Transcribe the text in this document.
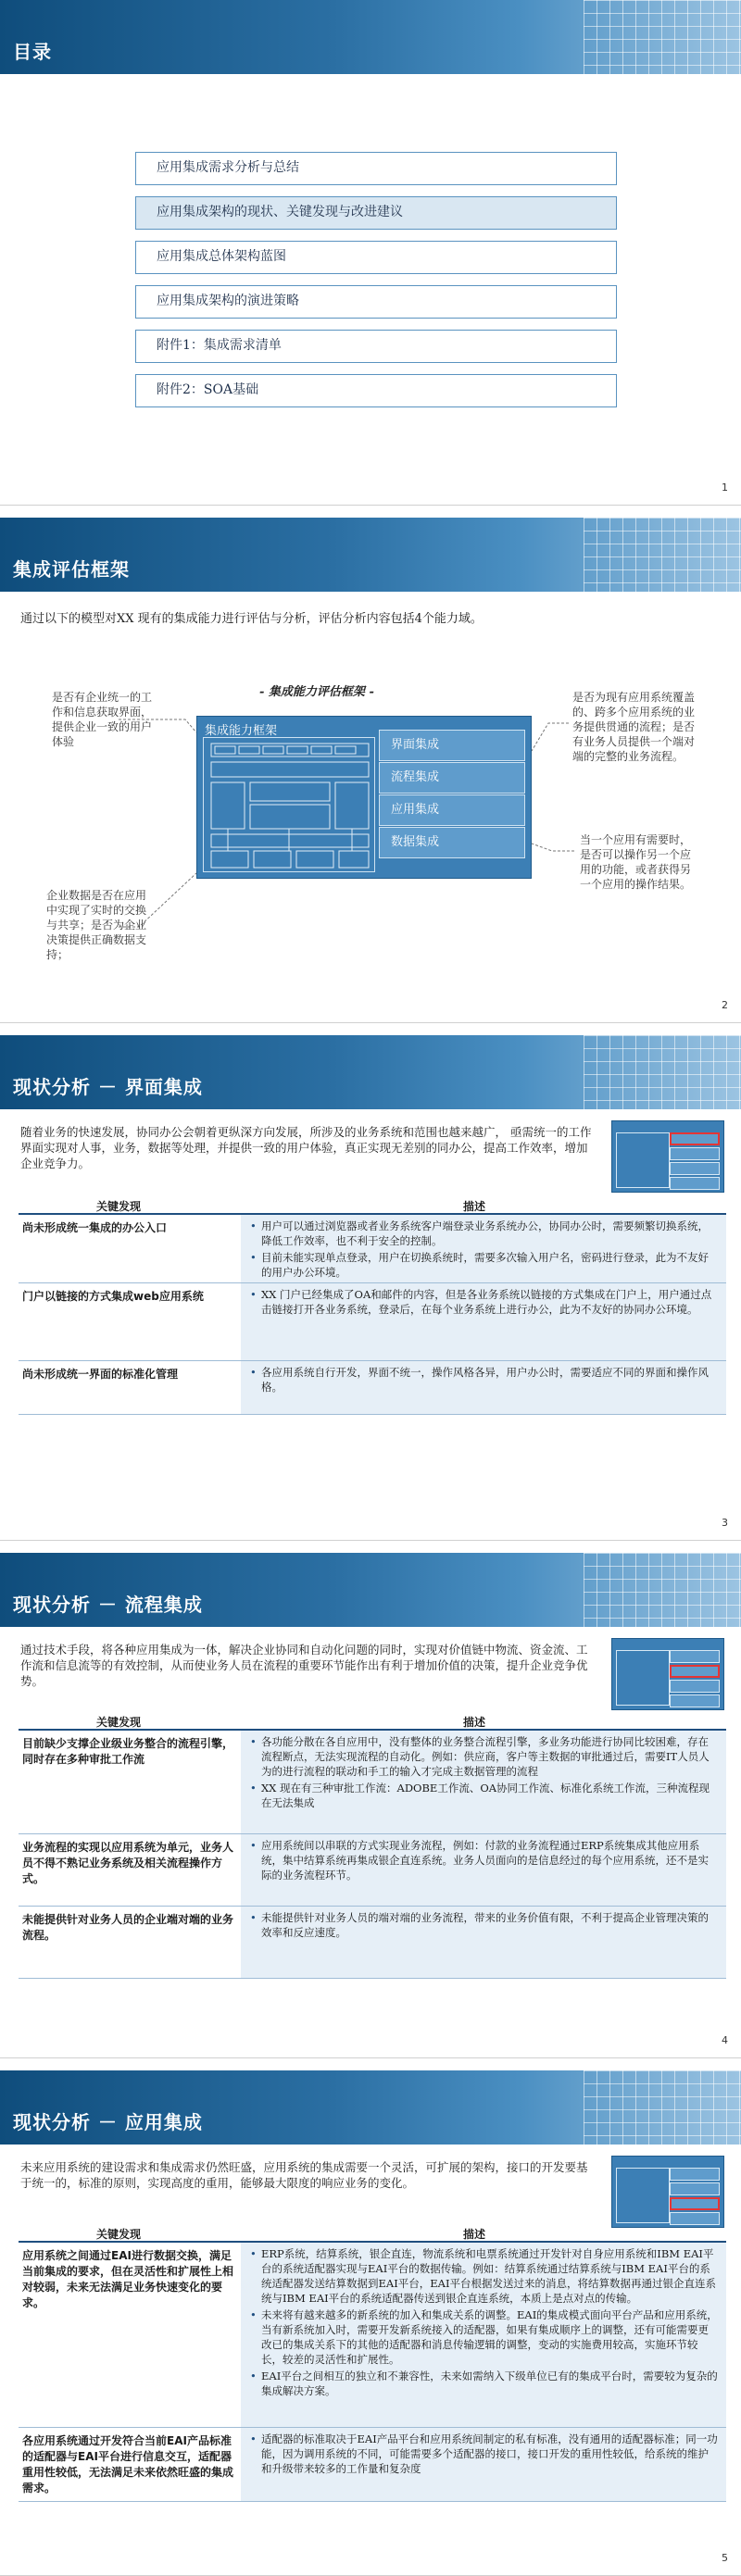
目录
应用集成需求分析与总结
应用集成架构的现状、关键发现与改进建议
应用集成总体架构蓝图
应用集成架构的演进策略
附件1：集成需求清单
附件2：SOA基础
1
集成评估框架
通过以下的模型对XX 现有的集成能力进行评估与分析，评估分析内容包括4个能力域。
- 集成能力评估框架 -
集成能力框架
界面集成
流程集成
应用集成
数据集成
是否有企业统一的工作和信息获取界面，提供企业一致的用户体验
是否为现有应用系统覆盖的、跨多个应用系统的业务提供贯通的流程；是否有业务人员提供一个端对端的完整的业务流程。
当一个应用有需要时，是否可以操作另一个应用的功能，或者获得另一个应用的操作结果。
企业数据是否在应用中实现了实时的交换与共享；是否为企业决策提供正确数据支持；
2
现状分析 － 界面集成
随着业务的快速发展，协同办公会朝着更纵深方向发展，所涉及的业务系统和范围也越来越广， 亟需统一的工作界面实现对人事，业务，数据等处理，并提供一致的用户体验，真正实现无差别的同办公，提高工作效率，增加企业竞争力。
关键发现	描述
尚未形成统一集成的办公入口	• 用户可以通过浏览器或者业务系统客户端登录业务系统办公，协同办公时，需要频繁切换系统，降低工作效率，也不利于安全的控制。
• 目前未能实现单点登录，用户在切换系统时，需要多次输入用户名，密码进行登录，此为不友好的用户办公环境。
门户以链接的方式集成web应用系统	• XX 门户已经集成了OA和邮件的内容，但是各业务系统以链接的方式集成在门户上，用户通过点击链接打开各业务系统，登录后，在每个业务系统上进行办公，此为不友好的协同办公环境。
尚未形成统一界面的标准化管理	• 各应用系统自行开发，界面不统一，操作风格各异，用户办公时，需要适应不同的界面和操作风格。
3
现状分析 － 流程集成
通过技术手段，将各种应用集成为一体，解决企业协同和自动化问题的同时，实现对价值链中物流、资金流、工作流和信息流等的有效控制，从而使业务人员在流程的重要环节能作出有利于增加价值的决策，提升企业竞争优势。
关键发现	描述
目前缺少支撑企业级业务整合的流程引擎，同时存在多种审批工作流
• 各功能分散在各自应用中，没有整体的业务整合流程引擎，多业务功能进行协同比较困难，存在流程断点，无法实现流程的自动化。例如：供应商，客户等主数据的审批通过后，需要IT人员人为的进行流程的联动和手工的输入才完成主数据管理的流程
• XX 现在有三种审批工作流：ADOBE工作流、OA协同工作流、标准化系统工作流，三种流程现在无法集成
业务流程的实现以应用系统为单元，业务人员不得不熟记业务系统及相关流程操作方式。
• 应用系统间以串联的方式实现业务流程，例如：付款的业务流程通过ERP系统集成其他应用系统，集中结算系统再集成银企直连系统。业务人员面向的是信息经过的每个应用系统，还不是实际的业务流程环节。
未能提供针对业务人员的企业端对端的业务流程。
• 未能提供针对业务人员的端对端的业务流程，带来的业务价值有限，不利于提高企业管理决策的效率和反应速度。
4
现状分析 － 应用集成
未来应用系统的建设需求和集成需求仍然旺盛，应用系统的集成需要一个灵活，可扩展的架构，接口的开发要基于统一的，标准的原则，实现高度的重用，能够最大限度的响应业务的变化。
关键发现	描述
应用系统之间通过EAI进行数据交换，满足当前集成的要求，但在灵活性和扩展性上相对较弱，未来无法满足业务快速变化的要求。
• ERP系统，结算系统，银企直连，物流系统和电票系统通过开发针对自身应用系统和IBM EAI平台的系统适配器实现与EAI平台的数据传输。例如：结算系统通过结算系统与IBM EAI平台的系统适配器发送结算数据到EAI平台，EAI平台根据发送过来的消息，将结算数据再通过银企直连系统与IBM EAI平台的系统适配器传送到银企直连系统，本质上是点对点的传输。
• 未来将有越来越多的新系统的加入和集成关系的调整。EAI的集成模式面向平台产品和应用系统，当有新系统加入时，需要开发新系统接入的适配器，如果有集成顺序上的调整，还有可能需要更改已的集成关系下的其他的适配器和消息传输逻辑的调整，变动的实施费用较高，实施环节较长，较差的灵活性和扩展性。
• EAI平台之间相互的独立和不兼容性，未来如需纳入下级单位已有的集成平台时，需要较为复杂的集成解决方案。
各应用系统通过开发符合当前EAI产品标准的适配器与EAI平台进行信息交互，适配器重用性较低，无法满足未来依然旺盛的集成需求。
• 适配器的标准取决于EAI产品平台和应用系统间制定的私有标准，没有通用的适配器标准；同一功能，因为调用系统的不同，可能需要多个适配器的接口，接口开发的重用性较低，给系统的维护和升级带来较多的工作量和复杂度
5
